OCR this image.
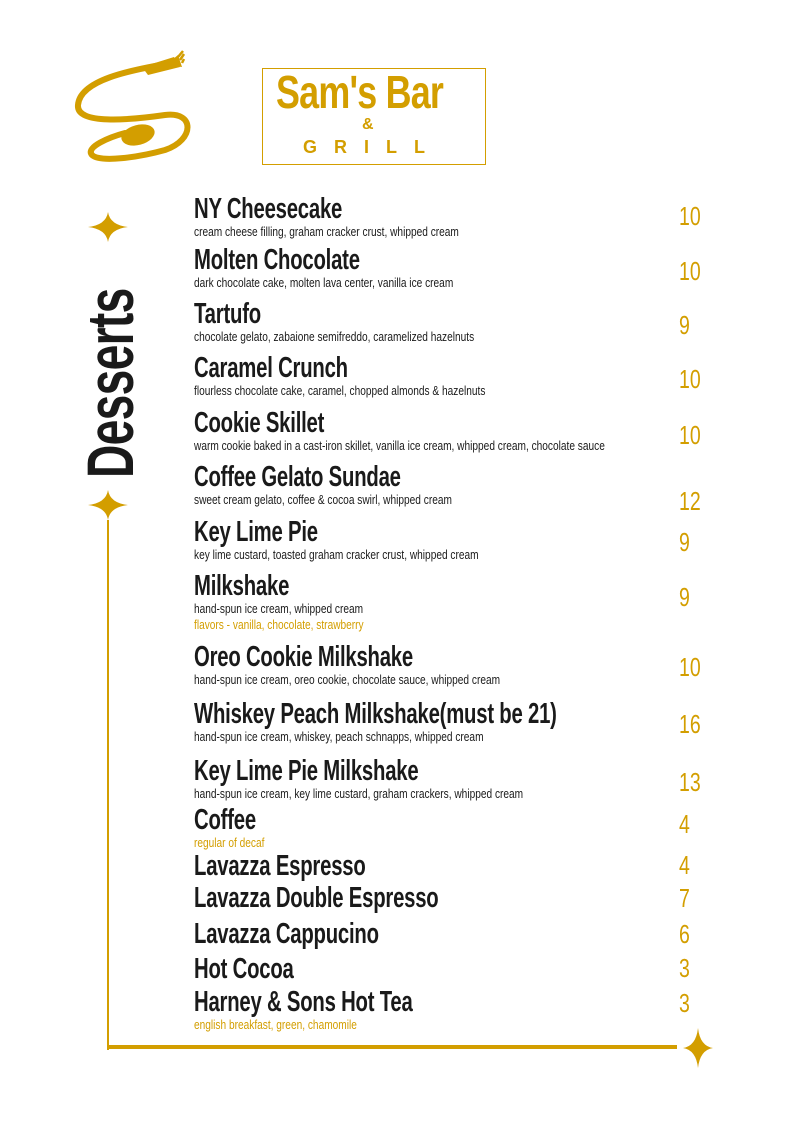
Sam's Bar
&
GRILL
Desserts
NY Cheesecake
cream cheese filling, graham cracker crust, whipped cream
10
Molten Chocolate
dark chocolate cake, molten lava center, vanilla ice cream	10
Tartufo
chocolate gelato, zabaione semifreddo, caramelized hazelnuts	9
Caramel Crunch
flourless chocolate cake, caramel, chopped almonds & hazelnuts	10
Cookie Skillet
warm cookie baked in a cast-iron skillet, vanilla ice cream, whipped cream, chocolate sauce	10
Coffee Gelato Sundae
sweet cream gelato, coffee & cocoa swirl, whipped cream	12
Key Lime Pie
key lime custard, toasted graham cracker crust, whipped cream	9
Milkshake
hand-spun ice cream, whipped cream
flavors - vanilla, chocolate, strawberry
9
Oreo Cookie Milkshake
hand-spun ice cream, oreo cookie, chocolate sauce, whipped cream	10
Whiskey Peach Milkshake(must be 21)
hand-spun ice cream, whiskey, peach schnapps, whipped cream	16
Key Lime Pie Milkshake
hand-spun ice cream, key lime custard, graham crackers, whipped cream	13
Coffee
regular of decaf
4
Lavazza Espresso	4
Lavazza Double Espresso	7
Lavazza Cappucino	6
Hot Cocoa	3
Harney & Sons Hot Tea
english breakfast, green, chamomile
3
